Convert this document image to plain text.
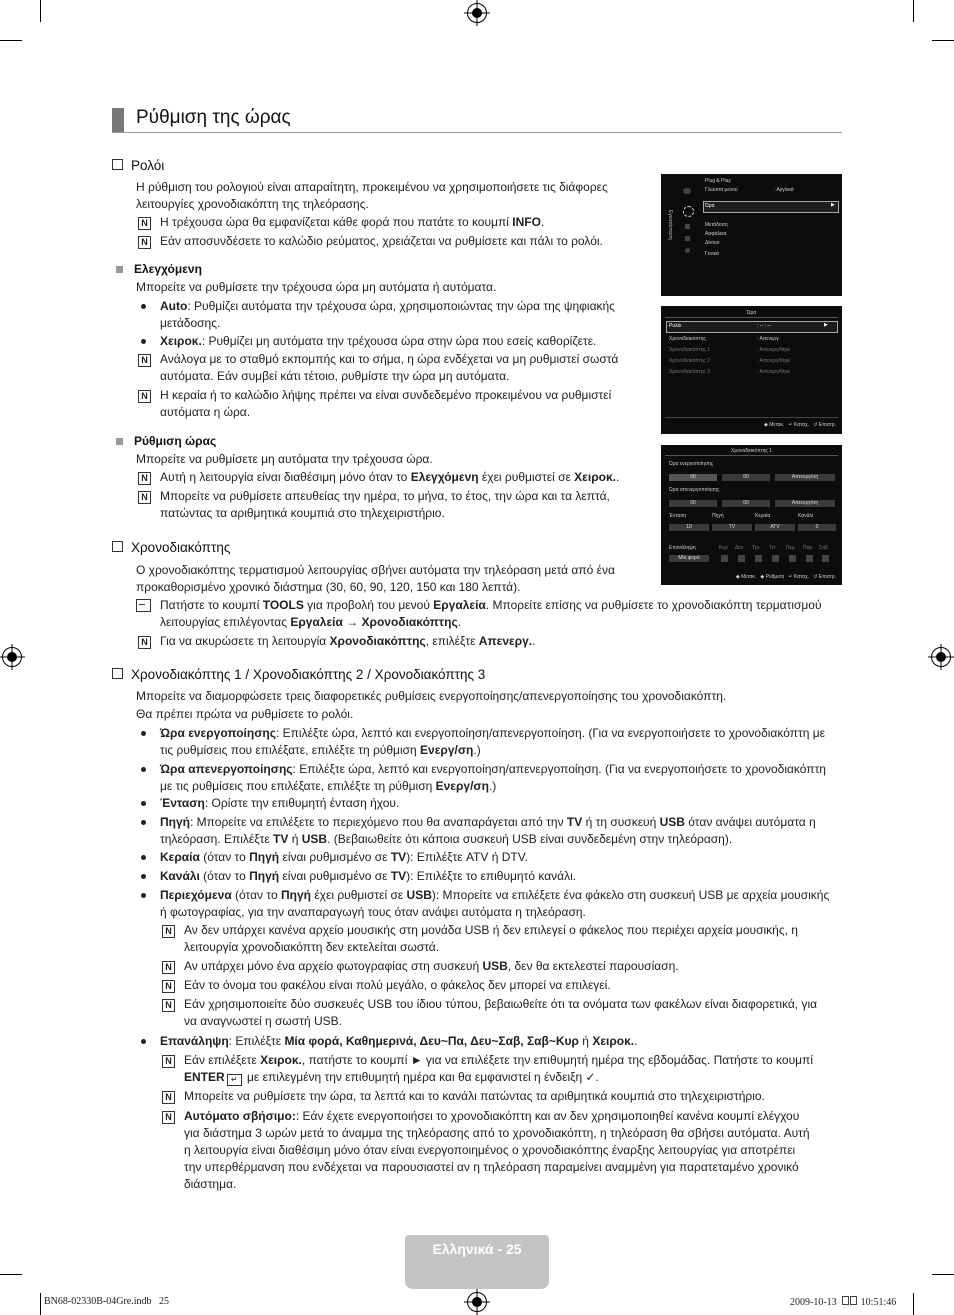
Ρύθμιση της ώρας
Ρολόι
Η ρύθμιση του ρολογιού είναι απαραίτητη, προκειμένου να χρησιμοποιήσετε τις διάφορες
λειτουργίες χρονοδιακόπτη της τηλεόρασης.
N Η τρέχουσα ώρα θα εμφανίζεται κάθε φορά που πατάτε το κουμπί INFO.
N Εάν αποσυνδέσετε το καλώδιο ρεύματος, χρειάζεται να ρυθμίσετε και πάλι το ρολόι.
Ελεγχόμενη
Μπορείτε να ρυθμίσετε την τρέχουσα ώρα μη αυτόματα ή αυτόματα.
Auto: Ρυθμίζει αυτόματα την τρέχουσα ώρα, χρησιμοποιώντας την ώρα της ψηφιακής
μετάδοσης.
Χειροκ.: Ρυθμίζει μη αυτόματα την τρέχουσα ώρα στην ώρα που εσείς καθορίζετε.
N Ανάλογα με το σταθμό εκπομπής και το σήμα, η ώρα ενδέχεται να μη ρυθμιστεί σωστά
αυτόματα. Εάν συμβεί κάτι τέτοιο, ρυθμίστε την ώρα μη αυτόματα.
N Η κεραία ή το καλώδιο λήψης πρέπει να είναι συνδεδεμένο προκειμένου να ρυθμιστεί
αυτόματα η ώρα.
Ρύθμιση ώρας
Μπορείτε να ρυθμίσετε μη αυτόματα την τρέχουσα ώρα.
N Αυτή η λειτουργία είναι διαθέσιμη μόνο όταν το Ελεγχόμενη έχει ρυθμιστεί σε Χειροκ..
N Μπορείτε να ρυθμίσετε απευθείας την ημέρα, το μήνα, το έτος, την ώρα και τα λεπτά,
πατώντας τα αριθμητικά κουμπιά στο τηλεχειριστήριο.
Χρονοδιακόπτης
Ο χρονοδιακόπτης τερματισμού λειτουργίας σβήνει αυτόματα την τηλεόραση μετά από ένα
προκαθορισμένο χρονικό διάστημα (30, 60, 90, 120, 150 και 180 λεπτά).
Πατήστε το κουμπί TOOLS για προβολή του μενού Εργαλεία. Μπορείτε επίσης να ρυθμίσετε το χρονοδιακόπτη τερματισμού
λειτουργίας επιλέγοντας Εργαλεία → Χρονοδιακόπτης.
N Για να ακυρώσετε τη λειτουργία Χρονοδιακόπτης, επιλέξτε Απενεργ..
Χρονοδιακόπτης 1 / Χρονοδιακόπτης 2 / Χρονοδιακόπτης 3
Μπορείτε να διαμορφώσετε τρεις διαφορετικές ρυθμίσεις ενεργοποίησης/απενεργοποίησης του χρονοδιακόπτη.
Θα πρέπει πρώτα να ρυθμίσετε το ρολόι.
Ώρα ενεργοποίησης: Επιλέξτε ώρα, λεπτό και ενεργοποίηση/απενεργοποίηση. (Για να ενεργοποιήσετε το χρονοδιακόπτη με
τις ρυθμίσεις που επιλέξατε, επιλέξτε τη ρύθμιση Ενεργ/ση.)
Ώρα απενεργοποίησης: Επιλέξτε ώρα, λεπτό και ενεργοποίηση/απενεργοποίηση. (Για να ενεργοποιήσετε το χρονοδιακόπτη
με τις ρυθμίσεις που επιλέξατε, επιλέξτε τη ρύθμιση Ενεργ/ση.)
Ένταση: Ορίστε την επιθυμητή ένταση ήχου.
Πηγή: Μπορείτε να επιλέξετε το περιεχόμενο που θα αναπαράγεται από την TV ή τη συσκευή USB όταν ανάψει αυτόματα η
τηλεόραση. Επιλέξτε TV ή USB. (Βεβαιωθείτε ότι κάποια συσκευή USB είναι συνδεδεμένη στην τηλεόραση).
Κεραία (όταν το Πηγή είναι ρυθμισμένο σε TV): Επιλέξτε ATV ή DTV.
Κανάλι (όταν το Πηγή είναι ρυθμισμένο σε TV): Επιλέξτε το επιθυμητό κανάλι.
Περιεχόμενα (όταν το Πηγή έχει ρυθμιστεί σε USB): Μπορείτε να επιλέξετε ένα φάκελο στη συσκευή USB με αρχεία μουσικής
ή φωτογραφίας, για την αναπαραγωγή τους όταν ανάψει αυτόματα η τηλεόραση.
N Αν δεν υπάρχει κανένα αρχείο μουσικής στη μονάδα USB ή δεν επιλεγεί ο φάκελος που περιέχει αρχεία μουσικής, η
λειτουργία χρονοδιακόπτη δεν εκτελείται σωστά.
N Αν υπάρχει μόνο ένα αρχείο φωτογραφίας στη συσκευή USB, δεν θα εκτελεστεί παρουσίαση.
N Εάν το όνομα του φακέλου είναι πολύ μεγάλο, ο φάκελος δεν μπορεί να επιλεγεί.
N Εάν χρησιμοποιείτε δύο συσκευές USB του ίδιου τύπου, βεβαιωθείτε ότι τα ονόματα των φακέλων είναι διαφορετικά, για
να αναγνωστεί η σωστή USB.
Επανάληψη: Επιλέξτε Μία φορά, Καθημερινά, Δευ~Πα, Δευ~Σαβ, Σαβ~Κυρ ή Χειροκ..
N Εάν επιλέξετε Χειροκ., πατήστε το κουμπί ► για να επιλέξετε την επιθυμητή ημέρα της εβδομάδας. Πατήστε το κουμπί
ENTER ↵ με επιλεγμένη την επιθυμητή ημέρα και θα εμφανιστεί η ένδειξη ✓.
N Μπορείτε να ρυθμίσετε την ώρα, τα λεπτά και το κανάλι πατώντας τα αριθμητικά κουμπιά στο τηλεχειριστήριο.
N Αυτόματο σβήσιμο:: Εάν έχετε ενεργοποιήσει το χρονοδιακόπτη και αν δεν χρησιμοποιηθεί κανένα κουμπί ελέγχου
για διάστημα 3 ωρών μετά το άναμμα της τηλεόρασης από το χρονοδιακόπτη, η τηλεόραση θα σβήσει αυτόματα. Αυτή
η λειτουργία είναι διαθέσιμη μόνο όταν είναι ενεργοποιημένος ο χρονοδιακόπτης έναρξης λειτουργίας για αποτρέπει
την υπερθέρμανση που ενδέχεται να παρουσιαστεί αν η τηλεόραση παραμείνει αναμμένη για παρατεταμένο χρονικό
διάστημα.
Εγκατάσταση
Plug & Play
Γλώσσα μενού	: Αγγλικά
Ώρα	▶
Μετάδοση
Ασφάλεια
Δίκτυο
Γενικά
Ώρα
Ρολόι	: -- : --	▶
Χρονοδιακόπτης	: Απενεργ.
Χρονοδιακόπτης 1	: Απενεργ/θηκε
Χρονοδιακόπτης 2	: Απενεργ/θηκε
Χρονοδιακόπτης 3	: Απενεργ/θηκε
◆ Μετακ. ↵ Καταχ. ↺ Επιστρ.
Χρονοδιακόπτης 1
Ώρα ενεργοποίησης
00	00	Απενεργ/ση
Ώρα απενεργοποίησης
00	00	Απενεργ/ση
Ένταση	Πηγή	Κεραία	Κανάλι
10	TV	ATV	0
Επανάληψη	Κυρ Δευ Τρι. Τετ Πεμ Παρ Σαβ
Μία φορά
◆ Μετακ. ◆ Ρύθμιση ↵ Καταχ. ↺ Επιστρ.
Ελληνικά - 25
BN68-02330B-04Gre.indb 25	2009-10-13 10:51:46
